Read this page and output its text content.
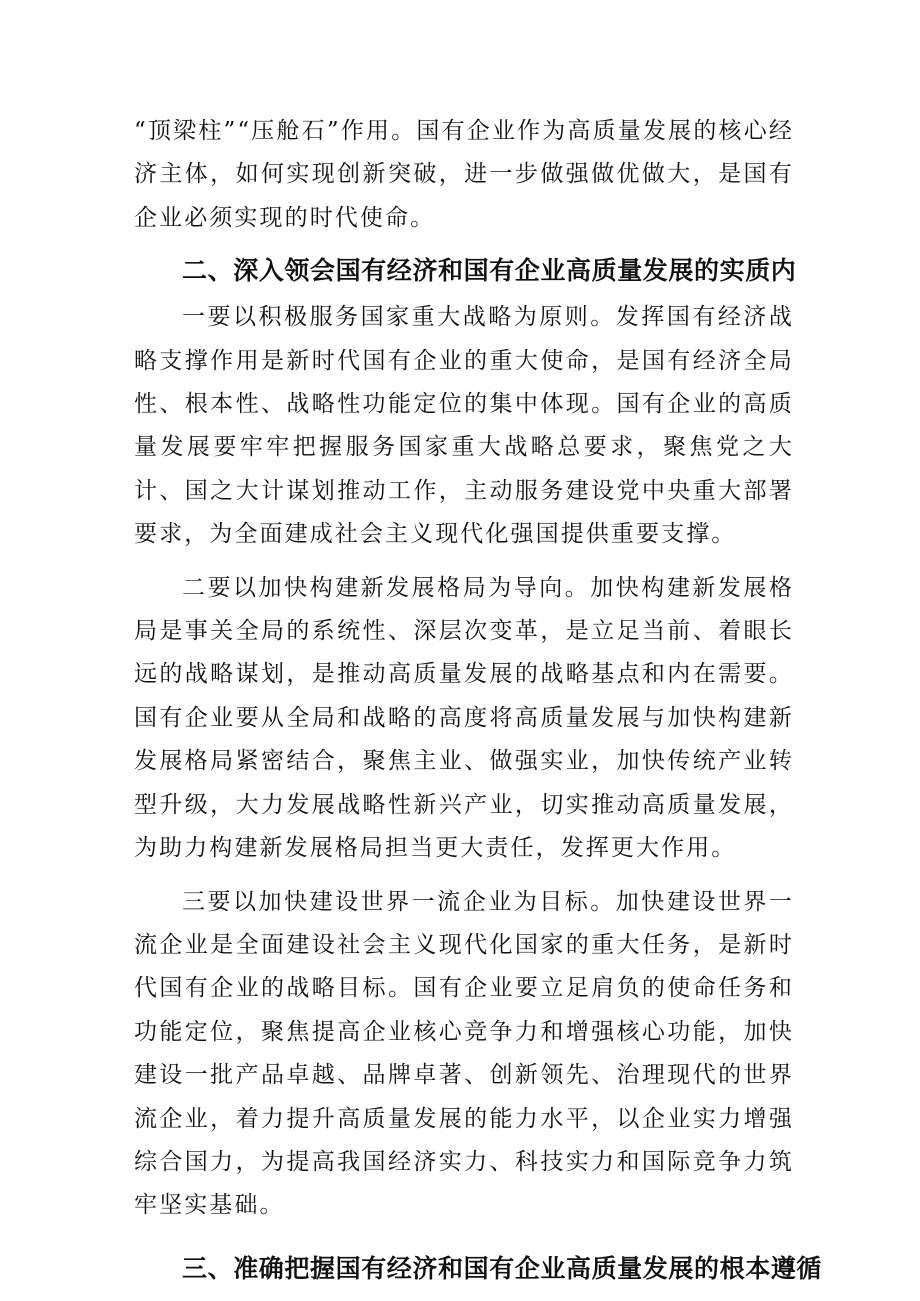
“顶梁柱”“压舱石”作用。国有企业作为高质量发展的核心经济主体，如何实现创新突破，进一步做强做优做大，是国有企业必须实现的时代使命。

二、深入领会国有经济和国有企业高质量发展的实质内

一要以积极服务国家重大战略为原则。发挥国有经济战略支撑作用是新时代国有企业的重大使命，是国有经济全局性、根本性、战略性功能定位的集中体现。国有企业的高质量发展要牢牢把握服务国家重大战略总要求，聚焦党之大计、国之大计谋划推动工作，主动服务建设党中央重大部署要求，为全面建成社会主义现代化强国提供重要支撑。

二要以加快构建新发展格局为导向。加快构建新发展格局是事关全局的系统性、深层次变革，是立足当前、着眼长远的战略谋划，是推动高质量发展的战略基点和内在需要。国有企业要从全局和战略的高度将高质量发展与加快构建新发展格局紧密结合，聚焦主业、做强实业，加快传统产业转型升级，大力发展战略性新兴产业，切实推动高质量发展，为助力构建新发展格局担当更大责任，发挥更大作用。

三要以加快建设世界一流企业为目标。加快建设世界一流企业是全面建设社会主义现代化国家的重大任务，是新时代国有企业的战略目标。国有企业要立足肩负的使命任务和功能定位，聚焦提高企业核心竞争力和增强核心功能，加快建设一批产品卓越、品牌卓著、创新领先、治理现代的世界流企业，着力提升高质量发展的能力水平，以企业实力增强综合国力，为提高我国经济实力、科技实力和国际竞争力筑牢坚实基础。

三、准确把握国有经济和国有企业高质量发展的根本遵循
